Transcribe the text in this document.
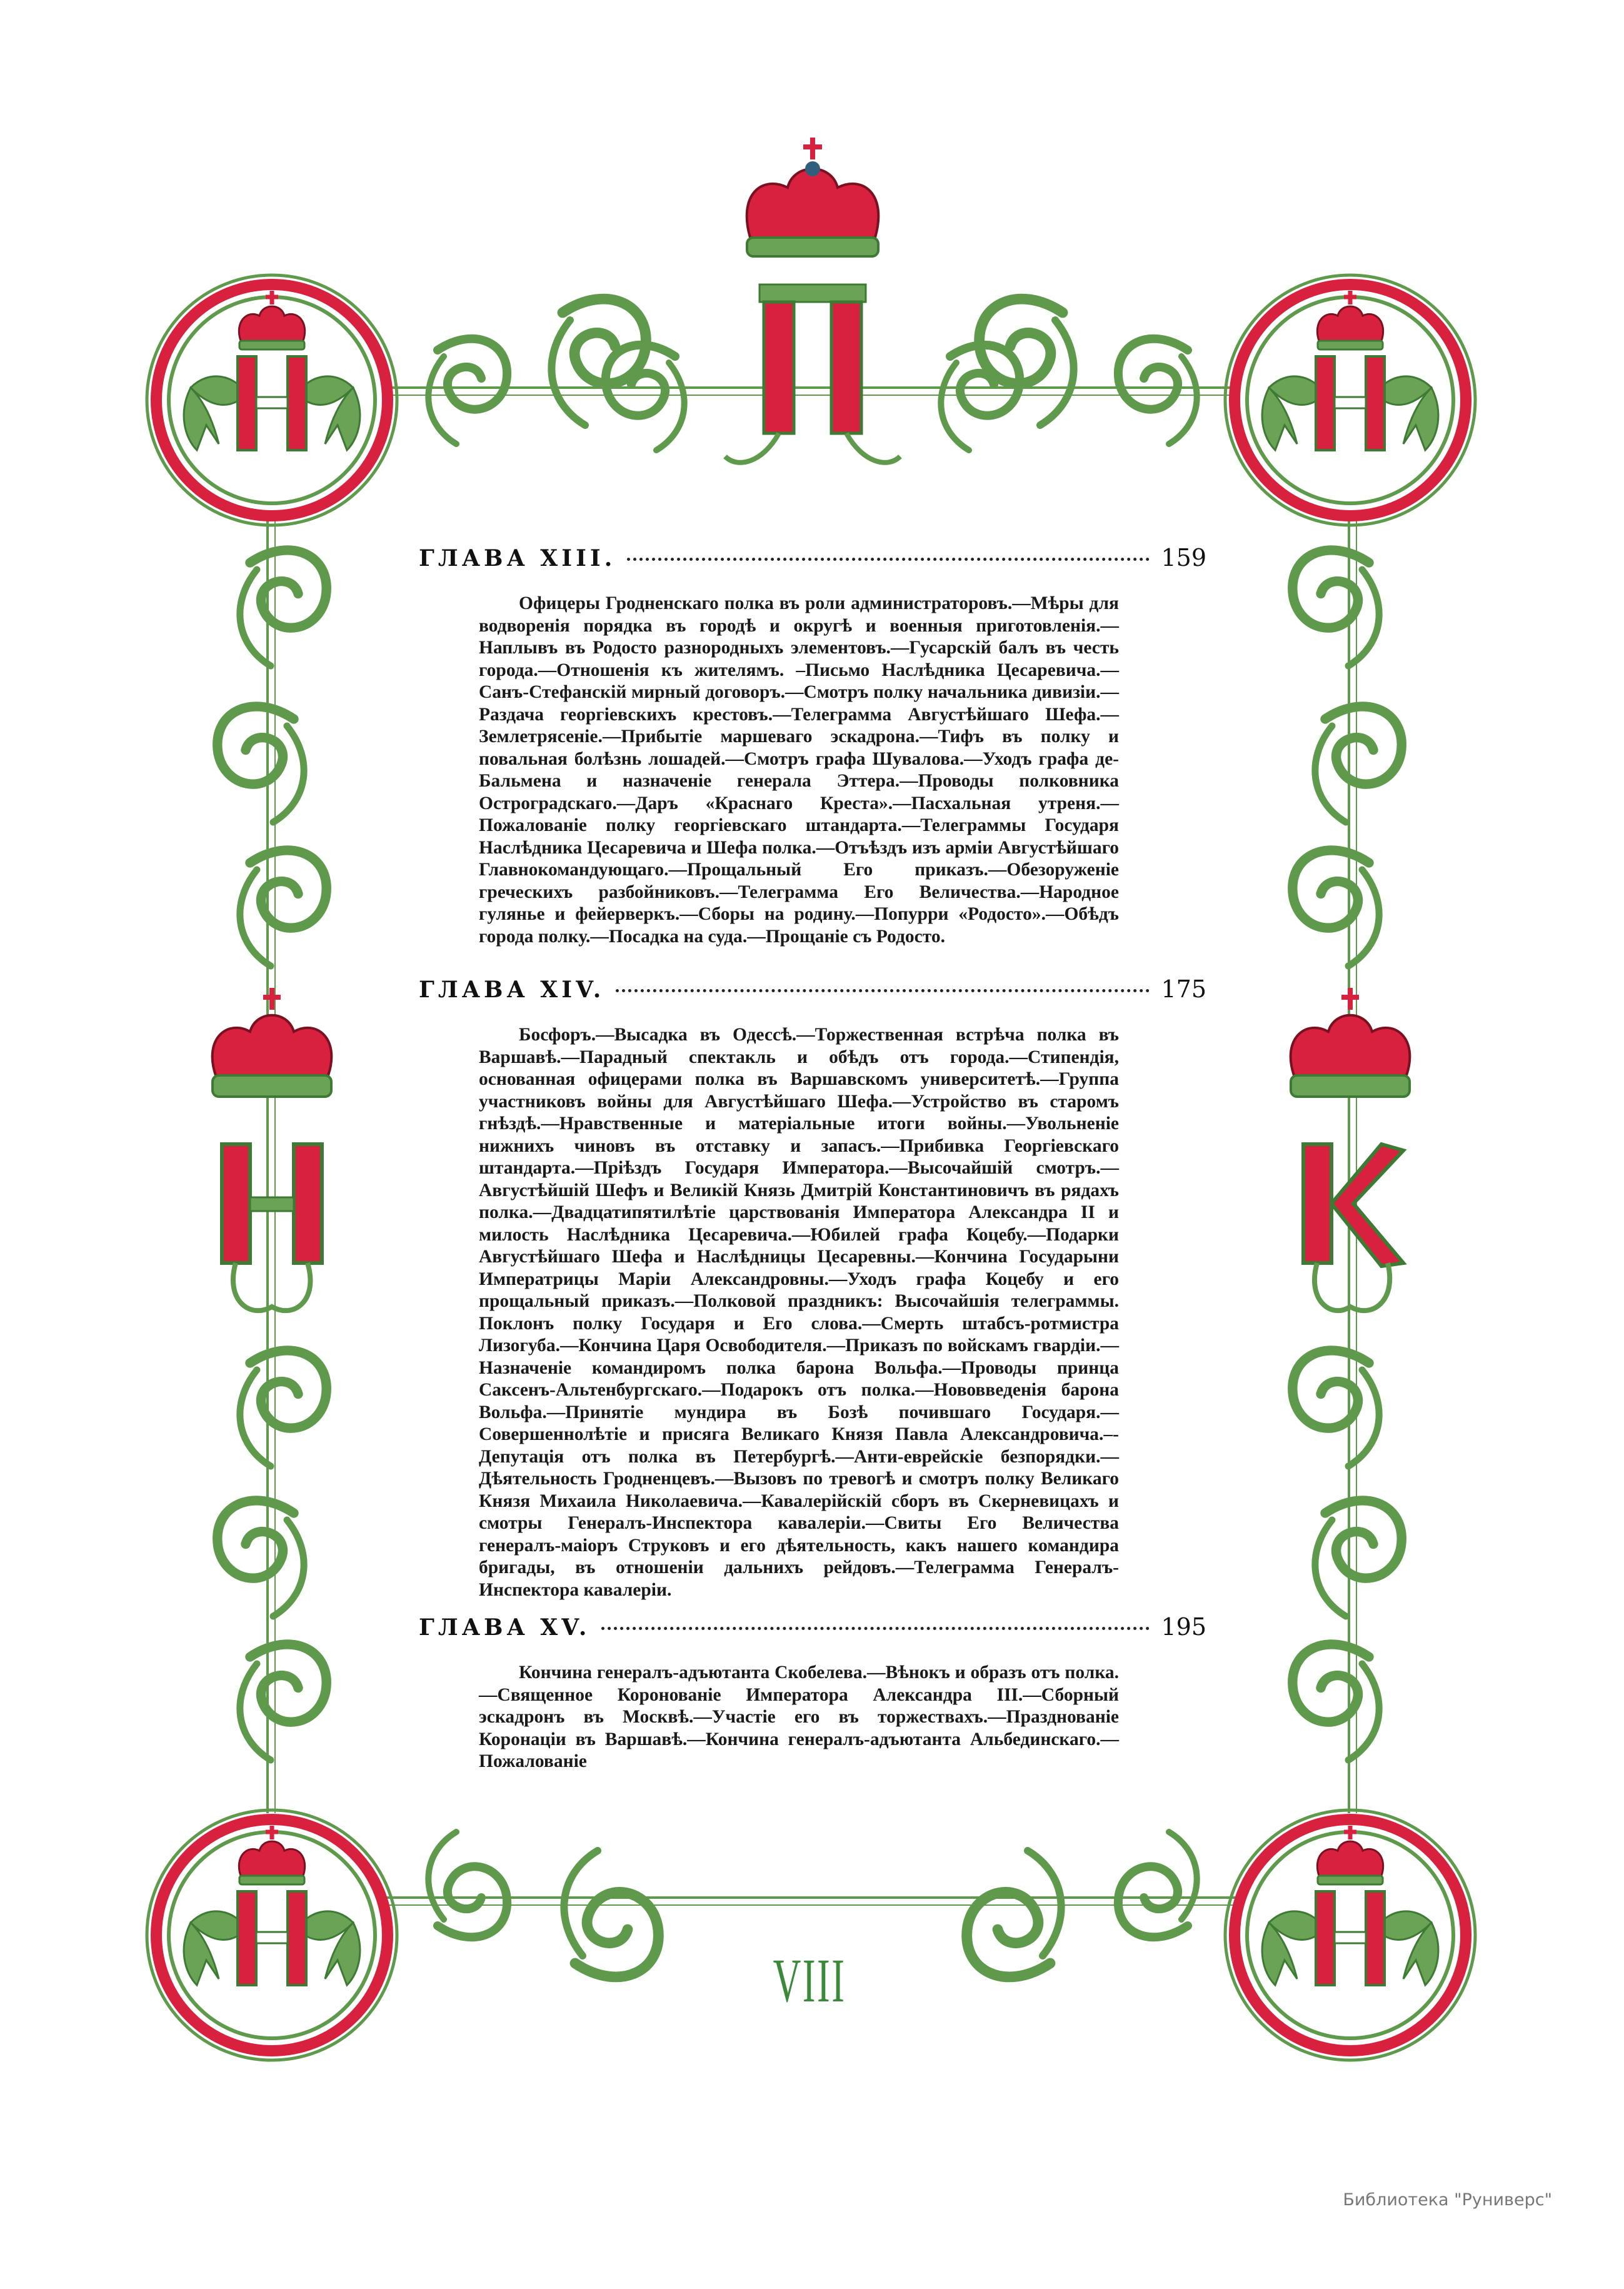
ГЛАВА XIII.	159
Офицеры Гродненскаго полка въ роли администраторовъ.—Мѣры для водворенія порядка въ городѣ и округѣ и военныя приготовленія.—Наплывъ въ Родосто разнородныхъ элементовъ.—Гусарскій балъ въ честь города.—Отношенія къ жителямъ. –Письмо Наслѣдника Цесаревича.—Санъ-Стефанскій мирный договоръ.—Смотръ полку начальника дивизіи.—Раздача георгіевскихъ крестовъ.—Телеграмма Августѣйшаго Шефа.—Землетрясеніе.—Прибытіе маршеваго эскадрона.—Тифъ въ полку и повальная болѣзнь лошадей.—Смотръ графа Шувалова.—Уходъ графа де-Бальмена и назначеніе генерала Эттера.—Проводы полковника Остроградскаго.—Даръ «Краснаго Креста».—Пасхальная утреня.—Пожалованіе полку георгіевскаго штандарта.—Телеграммы Государя Наслѣдника Цесаревича и Шефа полка.—Отъѣздъ изъ арміи Августѣйшаго Главнокомандующаго.—Прощальный Его приказъ.—Обезоруженіе греческихъ разбойниковъ.—Телеграмма Его Величества.—Народное гулянье и фейерверкъ.—Сборы на родину.—Попурри «Родосто».—Обѣдъ города полку.—Посадка на суда.—Прощаніе съ Родосто.
ГЛАВА XIV.	175
Босфоръ.—Высадка въ Одессѣ.—Торжественная встрѣча полка въ Варшавѣ.—Парадный спектакль и обѣдъ отъ города.—Стипендія, основанная офицерами полка въ Варшавскомъ университетѣ.—Группа участниковъ войны для Августѣйшаго Шефа.—Устройство въ старомъ гнѣздѣ.—Нравственные и матеріальные итоги войны.—Увольненіе нижнихъ чиновъ въ отставку и запасъ.—Прибивка Георгіевскаго штандарта.—Пріѣздъ Государя Императора.—Высочайшій смотръ.—Августѣйшій Шефъ и Великій Князь Дмитрій Константиновичъ въ рядахъ полка.—Двадцатипятилѣтіе царствованія Императора Александра II и милость Наслѣдника Цесаревича.—Юбилей графа Коцебу.—Подарки Августѣйшаго Шефа и Наслѣдницы Цесаревны.—Кончина Государыни Императрицы Маріи Александровны.—Уходъ графа Коцебу и его прощальный приказъ.—Полковой праздникъ: Высочайшія телеграммы. Поклонъ полку Государя и Его слова.—Смерть штабсъ-ротмистра Лизогуба.—Кончина Царя Освободителя.—Приказъ по войскамъ гвардіи.—Назначеніе командиромъ полка барона Вольфа.—Проводы принца Саксенъ-Альтенбургскаго.—Подарокъ отъ полка.—Нововведенія барона Вольфа.—Принятіе мундира въ Бозѣ почившаго Государя.—Совершеннолѣтіе и присяга Великаго Князя Павла Александровича.–-Депутація отъ полка въ Петербургѣ.—Анти-еврейскіе безпорядки.—Дѣятельность Гродненцевъ.—Вызовъ по тревогѣ и смотръ полку Великаго Князя Михаила Николаевича.—Кавалерійскій сборъ въ Скерневицахъ и смотры Генералъ-Инспектора кавалеріи.—Свиты Его Величества генералъ-маіоръ Струковъ и его дѣятельность, какъ нашего командира бригады, въ отношеніи дальнихъ рейдовъ.—Телеграмма Генералъ-Инспектора кавалеріи.
ГЛАВА XV.	195
Кончина генералъ-адъютанта Скобелева.—Вѣнокъ и образъ отъ полка.—Священное Коронованіе Императора Александра III.—Сборный эскадронъ въ Москвѣ.—Участіе его въ торжествахъ.—Празднованіе Коронаціи въ Варшавѣ.—Кончина генералъ-адъютанта Альбединскаго.—Пожалованіе
VIII
Библиотека "Руниверс"
